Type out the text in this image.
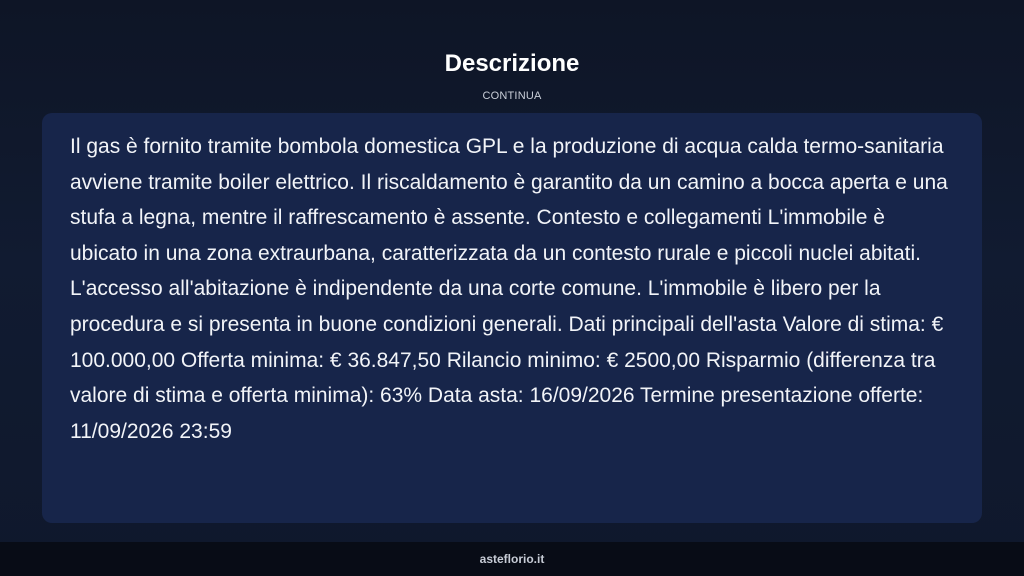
Descrizione
CONTINUA

Il gas è fornito tramite bombola domestica GPL e la produzione di acqua calda termo-sanitaria avviene tramite boiler elettrico. Il riscaldamento è garantito da un camino a bocca aperta e una stufa a legna, mentre il raffrescamento è assente. Contesto e collegamenti L'immobile è ubicato in una zona extraurbana, caratterizzata da un contesto rurale e piccoli nuclei abitati. L'accesso all'abitazione è indipendente da una corte comune. L'immobile è libero per la procedura e si presenta in buone condizioni generali. Dati principali dell'asta Valore di stima: € 100.000,00 Offerta minima: € 36.847,50 Rilancio minimo: € 2500,00 Risparmio (differenza tra valore di stima e offerta minima): 63% Data asta: 16/09/2026 Termine presentazione offerte: 11/09/2026 23:59

asteflorio.it
